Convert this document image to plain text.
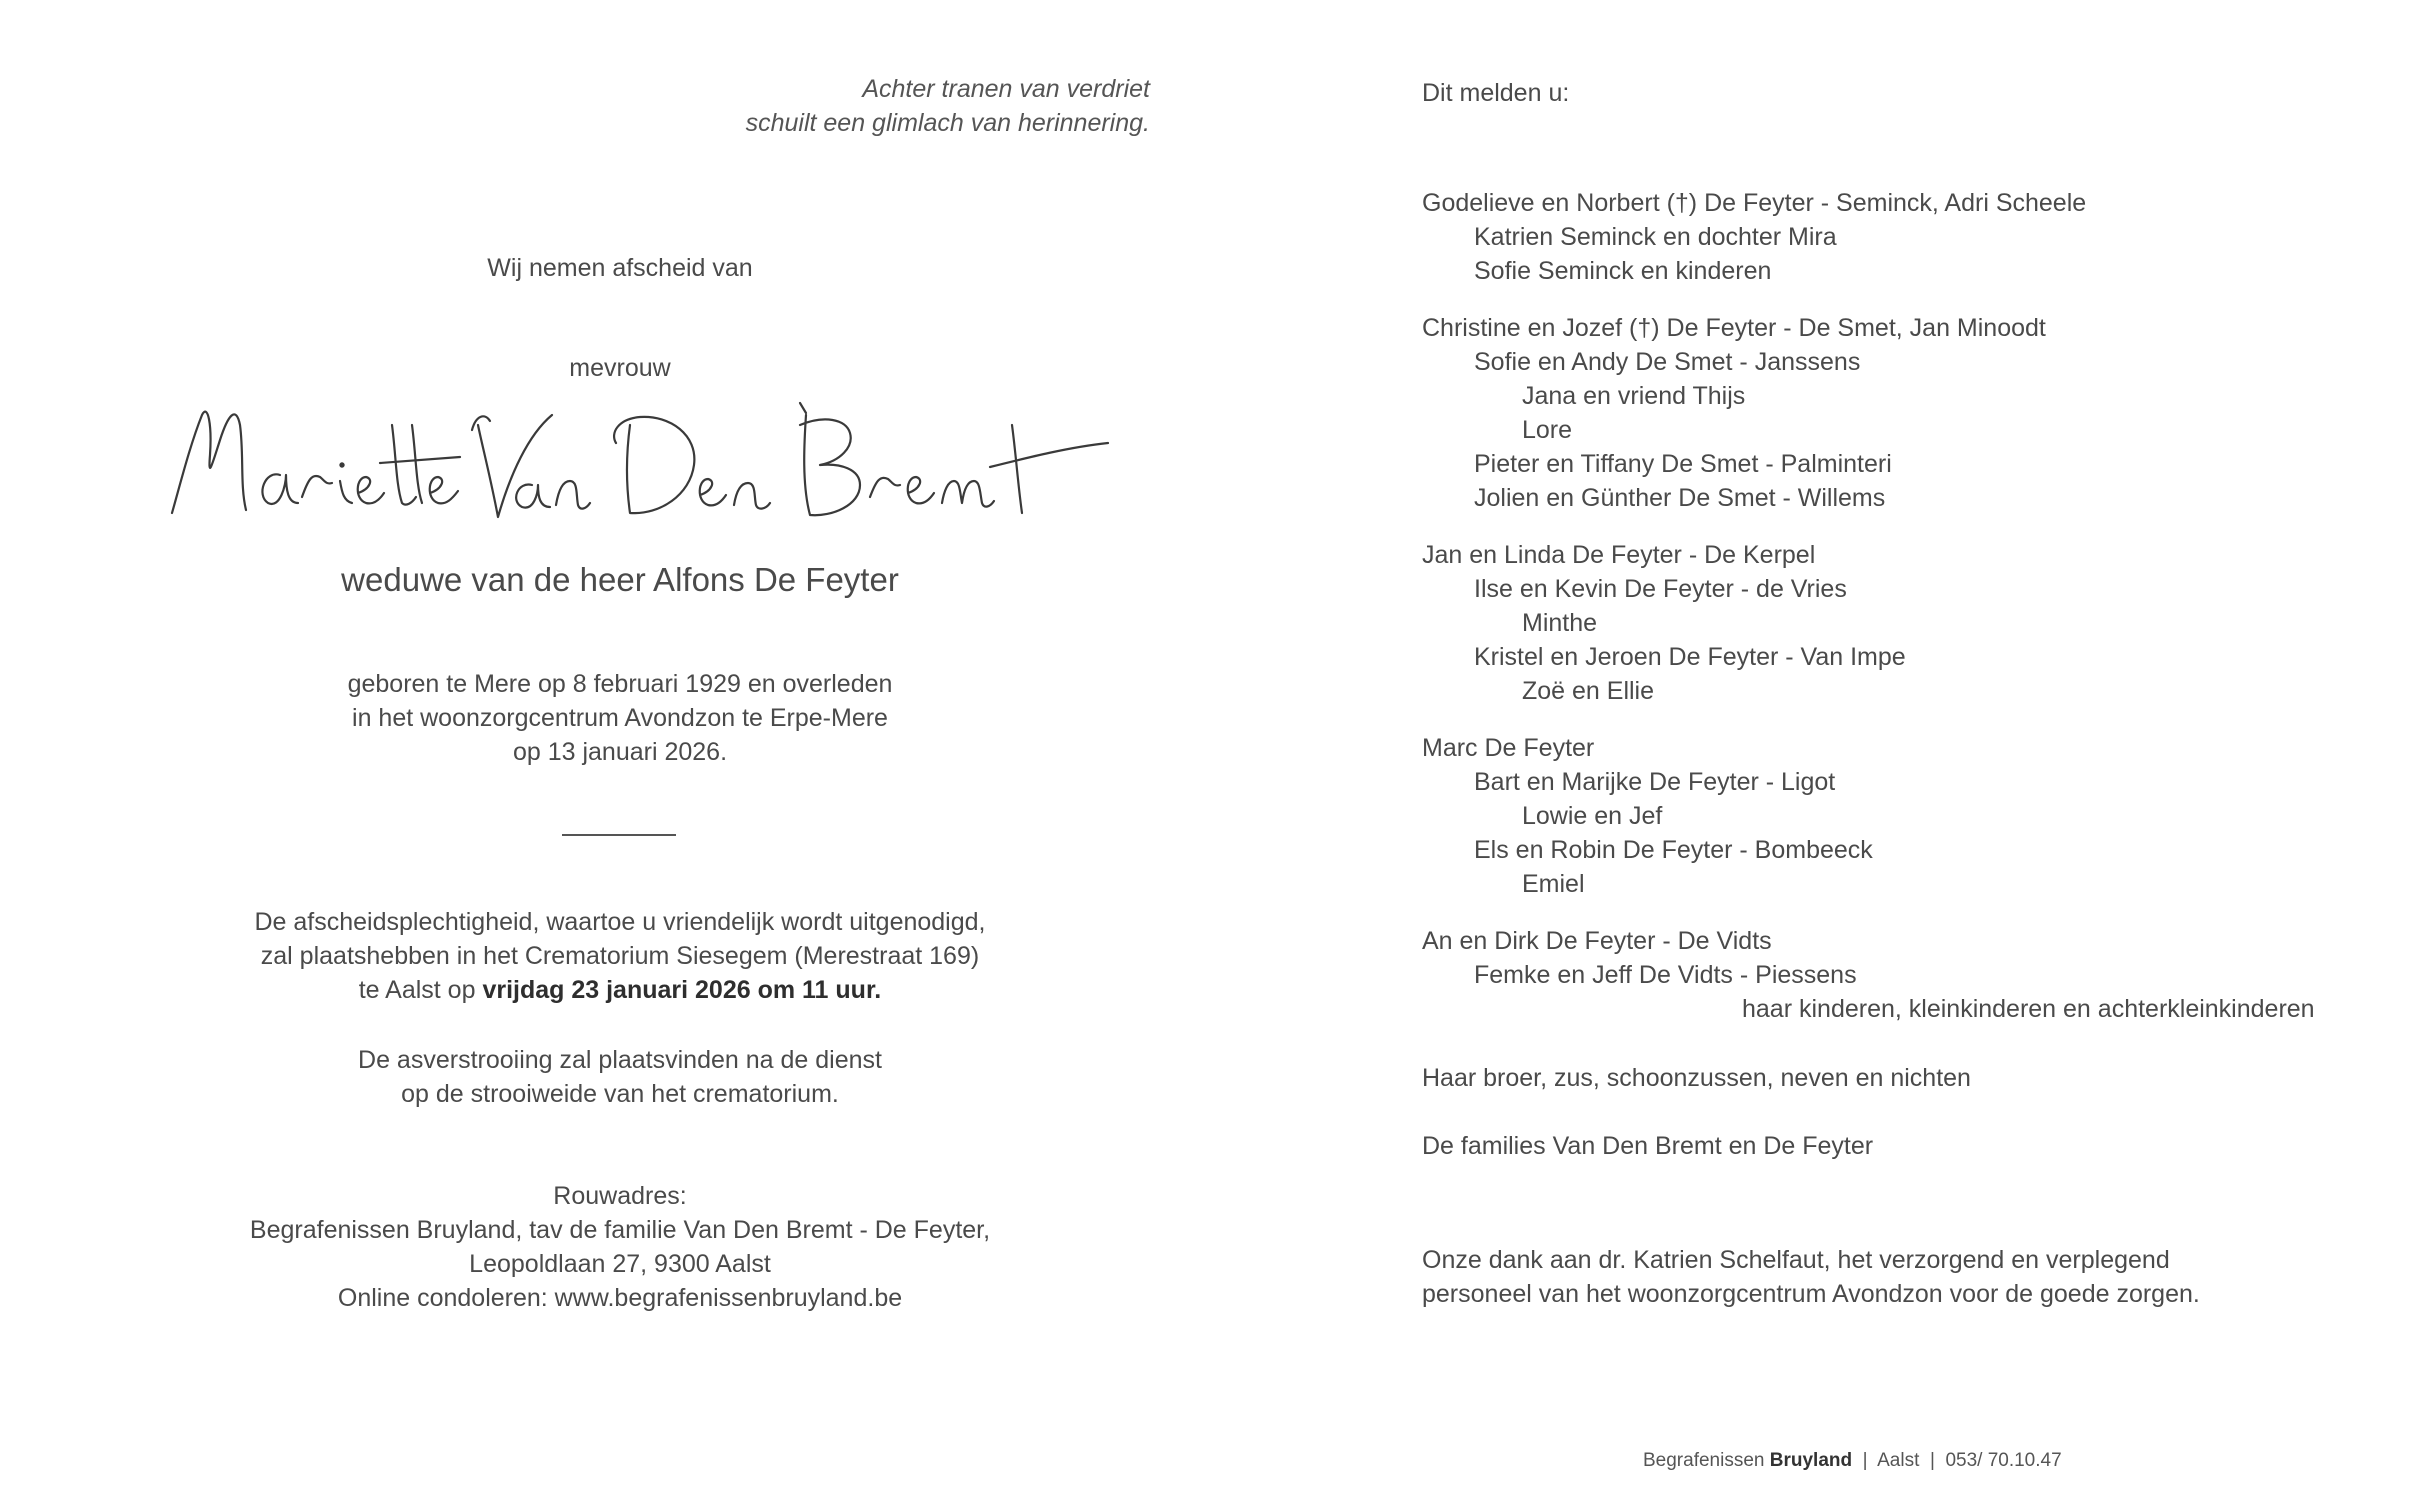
Achter tranen van verdriet
schuilt een glimlach van herinnering.
Wij nemen afscheid van
mevrouw
weduwe van de heer Alfons De Feyter
geboren te Mere op 8 februari 1929 en overleden
in het woonzorgcentrum Avondzon te Erpe-Mere
op 13 januari 2026.
De afscheidsplechtigheid, waartoe u vriendelijk wordt uitgenodigd,
zal plaatshebben in het Crematorium Siesegem (Merestraat 169)
te Aalst op vrijdag 23 januari 2026 om 11 uur.
De asverstrooiing zal plaatsvinden na de dienst
op de strooiweide van het crematorium.
Rouwadres:
Begrafenissen Bruyland, tav de familie Van Den Bremt - De Feyter,
Leopoldlaan 27, 9300 Aalst
Online condoleren: www.begrafenissenbruyland.be
Dit melden u:
Godelieve en Norbert (†) De Feyter - Seminck, Adri Scheele
Katrien Seminck en dochter Mira
Sofie Seminck en kinderen
Christine en Jozef (†) De Feyter - De Smet, Jan Minoodt
Sofie en Andy De Smet - Janssens
Jana en vriend Thijs
Lore
Pieter en Tiffany De Smet - Palminteri
Jolien en Günther De Smet - Willems
Jan en Linda De Feyter - De Kerpel
Ilse en Kevin De Feyter - de Vries
Minthe
Kristel en Jeroen De Feyter - Van Impe
Zoë en Ellie
Marc De Feyter
Bart en Marijke De Feyter - Ligot
Lowie en Jef
Els en Robin De Feyter - Bombeeck
Emiel
An en Dirk De Feyter - De Vidts
Femke en Jeff De Vidts - Piessens
haar kinderen, kleinkinderen en achterkleinkinderen
Haar broer, zus, schoonzussen, neven en nichten
De families Van Den Bremt en De Feyter
Onze dank aan dr. Katrien Schelfaut, het verzorgend en verplegend
personeel van het woonzorgcentrum Avondzon voor de goede zorgen.
Begrafenissen Bruyland | Aalst | 053/ 70.10.47
